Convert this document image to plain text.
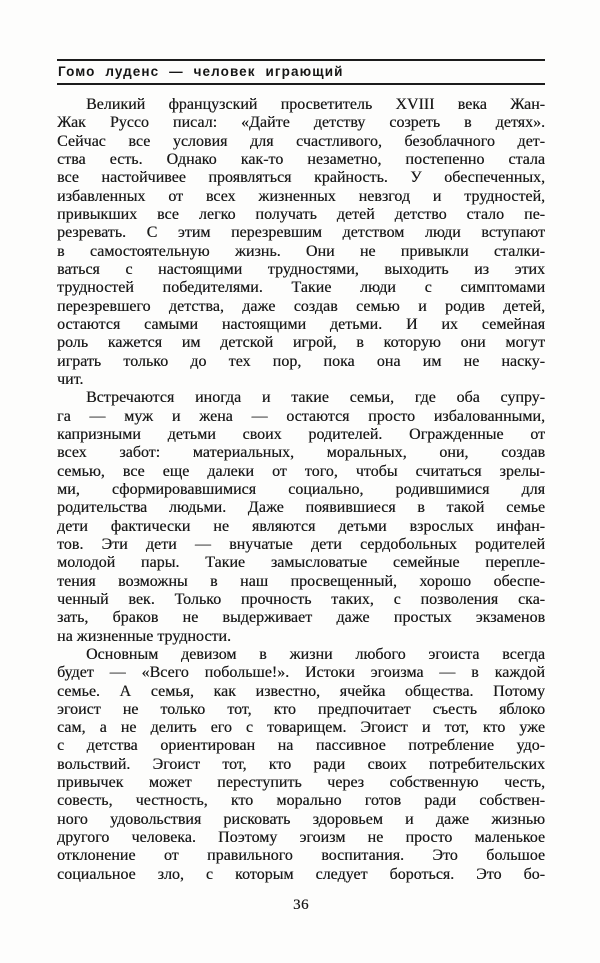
Гомо луденс — человек играющий
Великий французский просветитель XVIII века Жан-
Жак Руссо писал: «Дайте детству созреть в детях».
Сейчас все условия для счастливого, безоблачного дет-
ства есть. Однако как-то незаметно, постепенно стала
все настойчивее проявляться крайность. У обеспеченных,
избавленных от всех жизненных невзгод и трудностей,
привыкших все легко получать детей детство стало пе-
резревать. С этим перезревшим детством люди вступают
в самостоятельную жизнь. Они не привыкли сталки-
ваться с настоящими трудностями, выходить из этих
трудностей победителями. Такие люди с симптомами
перезревшего детства, даже создав семью и родив детей,
остаются самыми настоящими детьми. И их семейная
роль кажется им детской игрой, в которую они могут
играть только до тех пор, пока она им не наску-
чит.
Встречаются иногда и такие семьи, где оба супру-
га — муж и жена — остаются просто избалованными,
капризными детьми своих родителей. Огражденные от
всех забот: материальных, моральных, они, создав
семью, все еще далеки от того, чтобы считаться зрелы-
ми, сформировавшимися социально, родившимися для
родительства людьми. Даже появившиеся в такой семье
дети фактически не являются детьми взрослых инфан-
тов. Эти дети — внучатые дети сердобольных родителей
молодой пары. Такие замысловатые семейные перепле-
тения возможны в наш просвещенный, хорошо обеспе-
ченный век. Только прочность таких, с позволения ска-
зать, браков не выдерживает даже простых экзаменов
на жизненные трудности.
Основным девизом в жизни любого эгоиста всегда
будет — «Всего побольше!». Истоки эгоизма — в каждой
семье. А семья, как известно, ячейка общества. Потому
эгоист не только тот, кто предпочитает съесть яблоко
сам, а не делить его с товарищем. Эгоист и тот, кто уже
с детства ориентирован на пассивное потребление удо-
вольствий. Эгоист тот, кто ради своих потребительских
привычек может переступить через собственную честь,
совесть, честность, кто морально готов ради собствен-
ного удовольствия рисковать здоровьем и даже жизнью
другого человека. Поэтому эгоизм не просто маленькое
отклонение от правильного воспитания. Это большое
социальное зло, с которым следует бороться. Это бо-
36
